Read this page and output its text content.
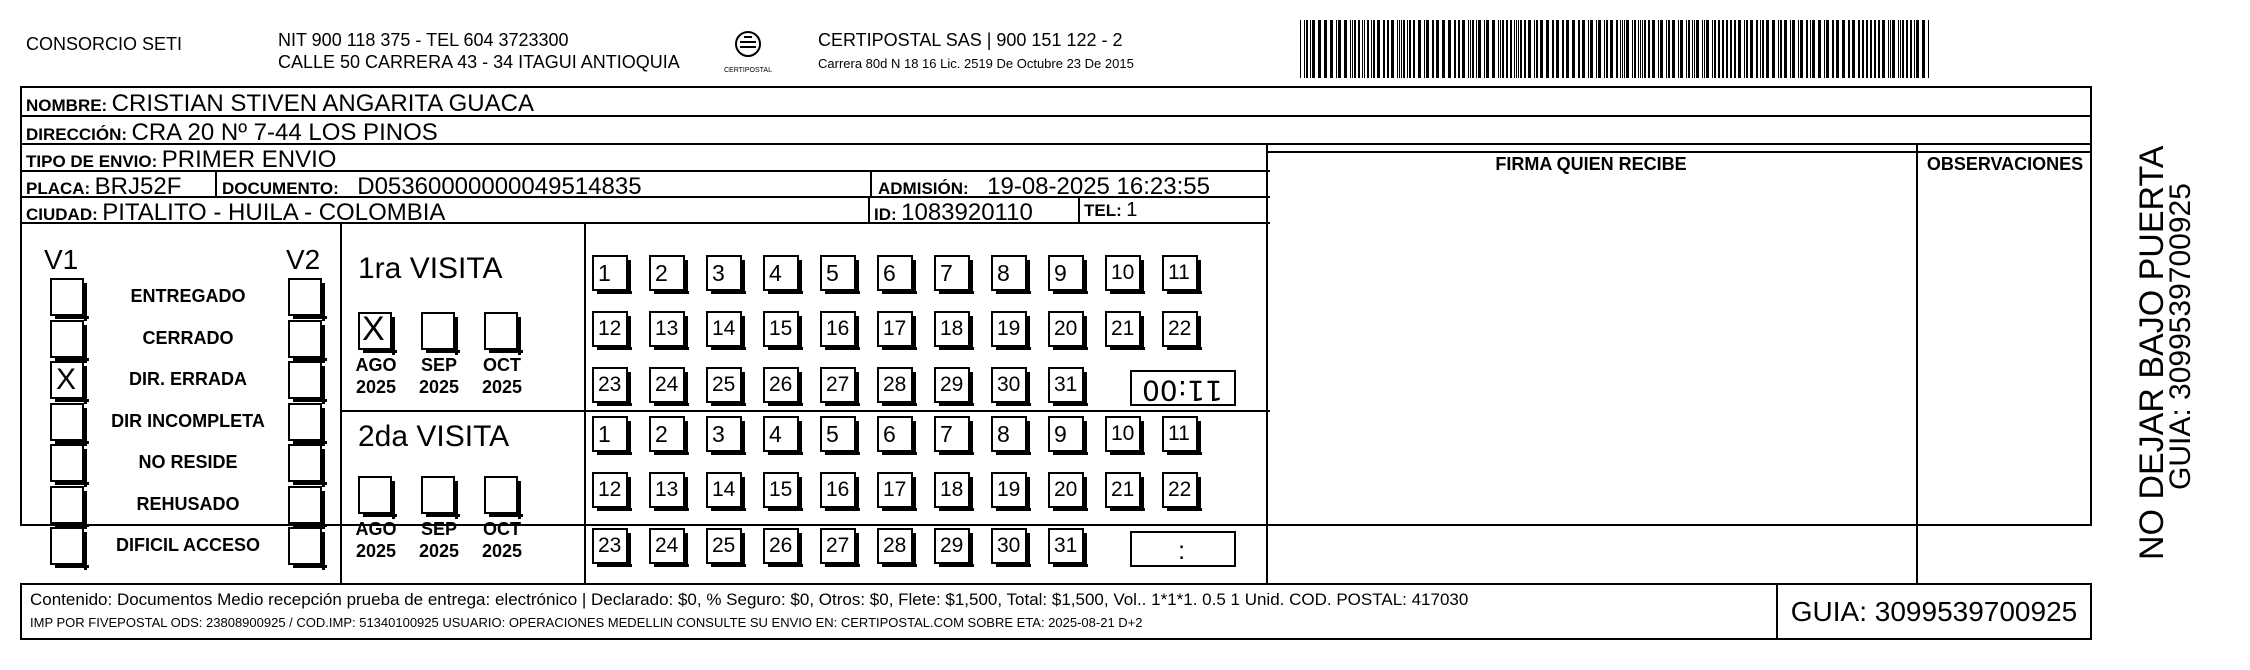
CONSORCIO SETI	NIT 900 118 375 - TEL 604 3723300
CALLE 50 CARRERA 43 - 34 ITAGUI ANTIOQUIA	CERTIPOSTAL
CERTIPOSTAL SAS | 900 151 122 - 2
Carrera 80d N 18 16 Lic. 2519 De Octubre 23 De 2015
NOMBRE: CRISTIAN STIVEN ANGARITA GUACA
DIRECCIÓN: CRA 20 Nº 7-44 LOS PINOS
TIPO DE ENVIO: PRIMER ENVIO
PLACA: BRJ52F DOCUMENTO: D05360000000049514835	ADMISIÓN: 19-08-2025 16:23:55
CIUDAD: PITALITO - HUILA - COLOMBIA	ID: 1083920110	TEL: 1
FIRMA QUIEN RECIBE	OBSERVACIONES
V1	V2
ENTREGADO
CERRADO
X	DIR. ERRADA
DIR INCOMPLETA
NO RESIDE
REHUSADO
DIFICIL ACCESO
1ra VISITA
2da VISITA
X
AGO
2025
SEP
2025
OCT
2025
AGO
2025
SEP
2025
OCT
2025
1	2	3	4	5	6	7	8	9	10	11
12	13	14	15	16	17	18	19	20	21	22
23	24	25	26	27	28	29	30	31
1	2	3	4	5	6	7	8	9	10	11
12	13	14	15	16	17	18	19	20	21	22
23	24	25	26	27	28	29	30	31
11:00
:	NO DEJAR BAJO PUERTA
GUIA: 3099539700925
Contenido: Documentos Medio recepción prueba de entrega: electrónico | Declarado: $0, % Seguro: $0, Otros: $0, Flete: $1,500, Total: $1,500, Vol.. 1*1*1. 0.5 1 Unid. COD. POSTAL: 417030
IMP POR FIVEPOSTAL ODS: 23808900925 / COD.IMP: 51340100925 USUARIO: OPERACIONES MEDELLIN CONSULTE SU ENVIO EN: CERTIPOSTAL.COM SOBRE ETA: 2025-08-21 D+2	GUIA: 3099539700925
